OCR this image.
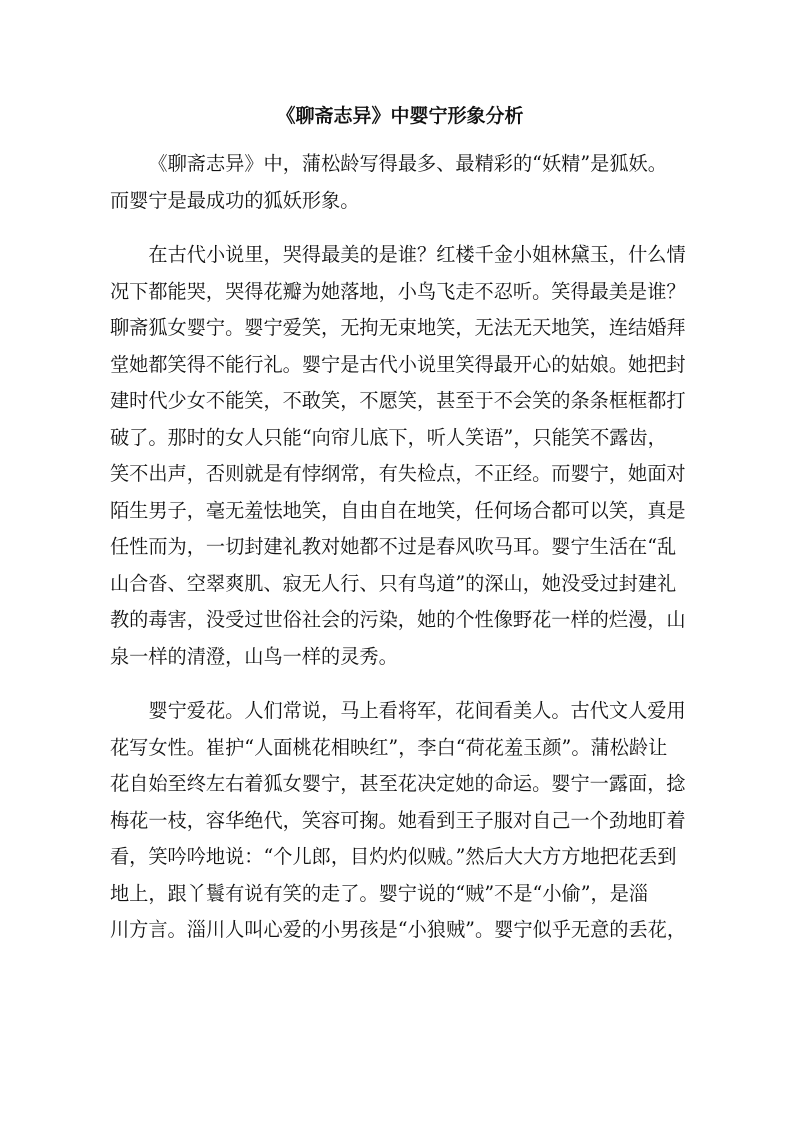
《聊斋志异》中婴宁形象分析
《聊斋志异》中，蒲松龄写得最多、最精彩的“妖精”是狐妖。
而婴宁是最成功的狐妖形象。
在古代小说里，哭得最美的是谁？红楼千金小姐林黛玉，什么情
况下都能哭，哭得花瓣为她落地，小鸟飞走不忍听。笑得最美是谁？
聊斋狐女婴宁。婴宁爱笑，无拘无束地笑，无法无天地笑，连结婚拜
堂她都笑得不能行礼。婴宁是古代小说里笑得最开心的姑娘。她把封
建时代少女不能笑，不敢笑，不愿笑，甚至于不会笑的条条框框都打
破了。那时的女人只能“向帘儿底下，听人笑语”，只能笑不露齿，
笑不出声，否则就是有悖纲常，有失检点，不正经。而婴宁，她面对
陌生男子，毫无羞怯地笑，自由自在地笑，任何场合都可以笑，真是
任性而为，一切封建礼教对她都不过是春风吹马耳。婴宁生活在“乱
山合沓、空翠爽肌、寂无人行、只有鸟道”的深山，她没受过封建礼
教的毒害，没受过世俗社会的污染，她的个性像野花一样的烂漫，山
泉一样的清澄，山鸟一样的灵秀。
婴宁爱花。人们常说，马上看将军，花间看美人。古代文人爱用
花写女性。崔护“人面桃花相映红”，李白“荷花羞玉颜”。蒲松龄让
花自始至终左右着狐女婴宁，甚至花决定她的命运。婴宁一露面，捻
梅花一枝，容华绝代，笑容可掬。她看到王子服对自己一个劲地盯着
看，笑吟吟地说：“个儿郎，目灼灼似贼。”然后大大方方地把花丢到
地上，跟丫鬟有说有笑的走了。婴宁说的“贼”不是“小偷”，是淄
川方言。淄川人叫心爱的小男孩是“小狼贼”。婴宁似乎无意的丢花，
